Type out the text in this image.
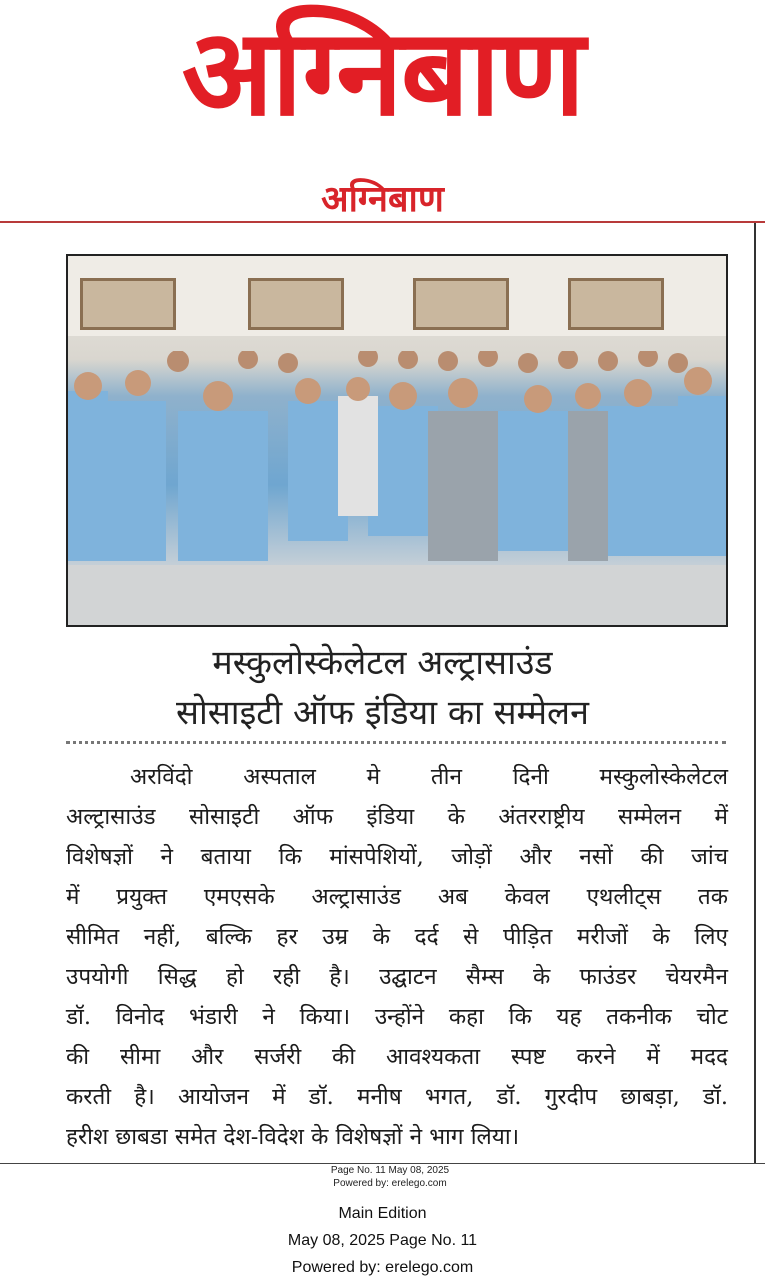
अग्निबाण
अग्निबाण
मस्कुलोस्केलेटल अल्ट्रासाउंड
सोसाइटी ऑफ इंडिया का सम्मेलन
अरविंदो अस्पताल मे तीन दिनी मस्कुलोस्केलेटल
अल्ट्रासाउंड सोसाइटी ऑफ इंडिया के अंतरराष्ट्रीय सम्मेलन में
विशेषज्ञों ने बताया कि मांसपेशियों, जोड़ों और नसों की जांच
में प्रयुक्त एमएसके अल्ट्रासाउंड अब केवल एथलीट्स तक
सीमित नहीं, बल्कि हर उम्र के दर्द से पीड़ित मरीजों के लिए
उपयोगी सिद्ध हो रही है। उद्घाटन सैम्स के फाउंडर चेयरमैन
डॉ. विनोद भंडारी ने किया। उन्होंने कहा कि यह तकनीक चोट
की सीमा और सर्जरी की आवश्यकता स्पष्ट करने में मदद
करती है। आयोजन में डॉ. मनीष भगत, डॉ. गुरदीप छाबड़ा, डॉ.
हरीश छाबडा समेत देश-विदेश के विशेषज्ञों ने भाग लिया।
Page No. 11 May 08, 2025
Powered by: erelego.com
Main Edition
May 08, 2025 Page No. 11
Powered by: erelego.com
